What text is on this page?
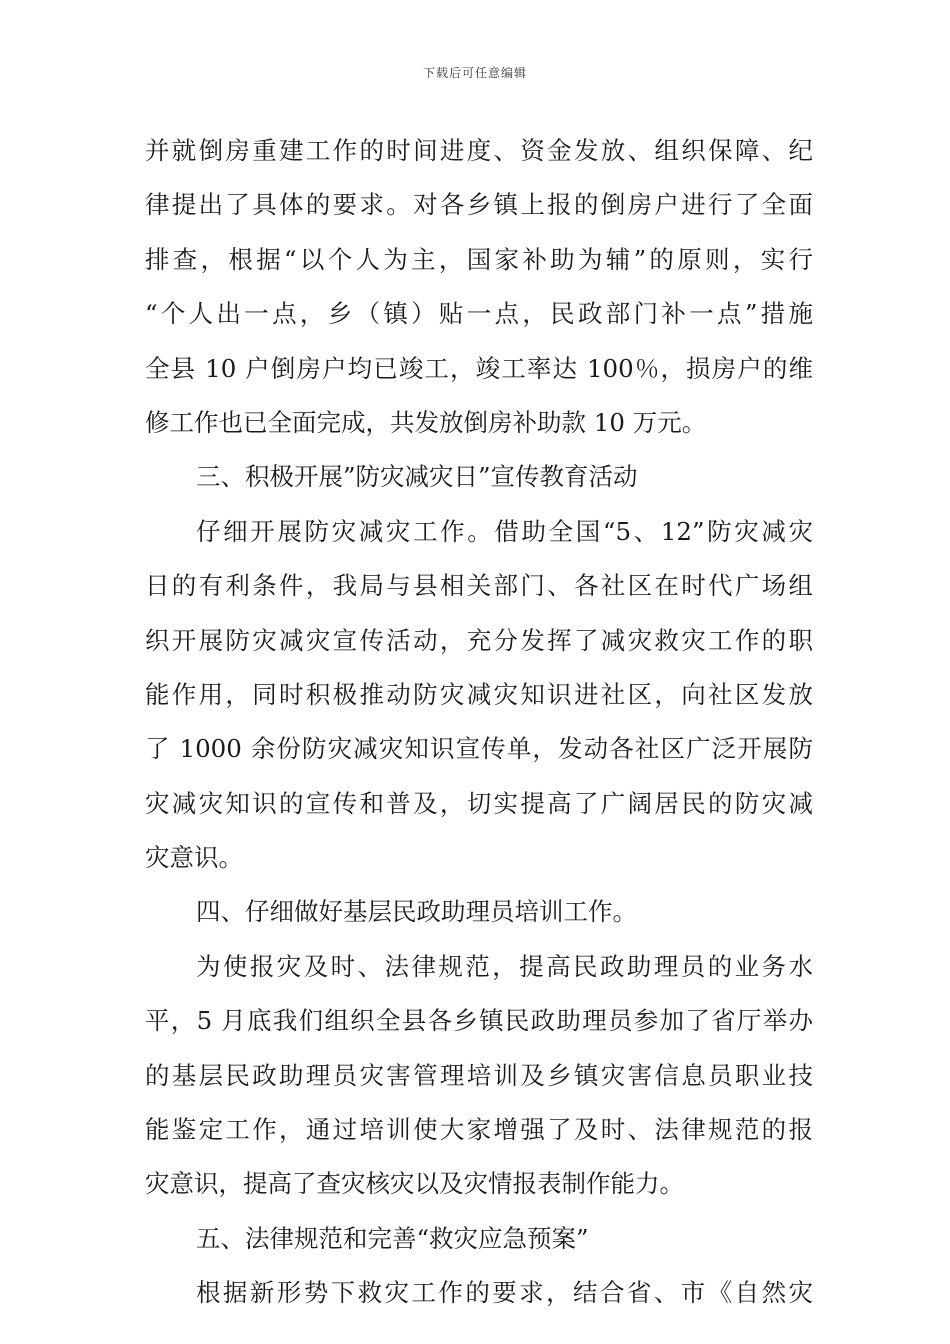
下载后可任意编辑
并就倒房重建工作的时间进度、资金发放、组织保障、纪
律提出了具体的要求。对各乡镇上报的倒房户进行了全面
排查，根据“以个人为主，国家补助为辅”的原则，实行
“个人出一点，乡（镇）贴一点，民政部门补一点”措施
全县 10 户倒房户均已竣工，竣工率达 100％，损房户的维
修工作也已全面完成，共发放倒房补助款 10 万元。
三、积极开展”防灾减灾日”宣传教育活动
仔细开展防灾减灾工作。借助全国“5、12”防灾减灾
日的有利条件，我局与县相关部门、各社区在时代广场组
织开展防灾减灾宣传活动，充分发挥了减灾救灾工作的职
能作用，同时积极推动防灾减灾知识进社区，向社区发放
了 1000 余份防灾减灾知识宣传单，发动各社区广泛开展防
灾减灾知识的宣传和普及，切实提高了广阔居民的防灾减
灾意识。
四、仔细做好基层民政助理员培训工作。
为使报灾及时、法律规范，提高民政助理员的业务水
平，5 月底我们组织全县各乡镇民政助理员参加了省厅举办
的基层民政助理员灾害管理培训及乡镇灾害信息员职业技
能鉴定工作，通过培训使大家增强了及时、法律规范的报
灾意识，提高了查灾核灾以及灾情报表制作能力。
五、法律规范和完善“救灾应急预案”
根据新形势下救灾工作的要求，结合省、市《自然灾
